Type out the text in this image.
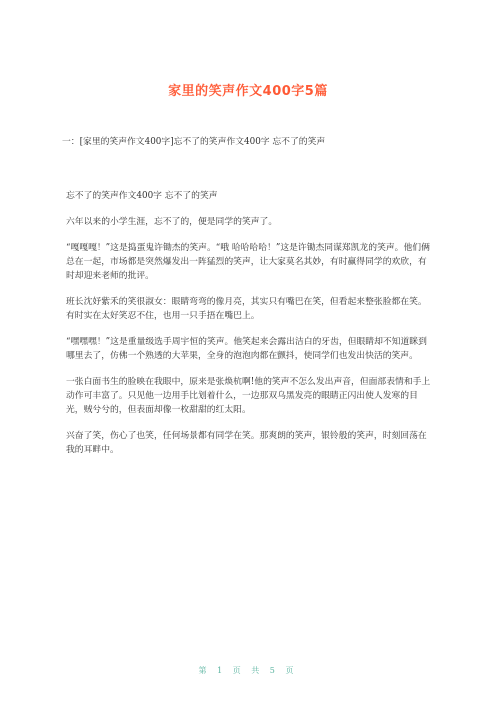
家里的笑声作文400字5篇
一：[家里的笑声作文400字]忘不了的笑声作文400字 忘不了的笑声
忘不了的笑声作文400字 忘不了的笑声

六年以来的小学生涯，忘不了的，便是同学的笑声了。

“嘎嘎嘎！”这是捣蛋鬼许锄杰的笑声。“哦 哈哈哈哈！”这是许锄杰同谋郑凯龙的笑声。他们俩总在一起，市场都是突然爆发出一阵猛烈的笑声，让大家莫名其妙，有时赢得同学的欢欣，有时却迎来老师的批评。

班长沈妤紫禾的笑很淑女：眼睛弯弯的像月亮，其实只有嘴巴在笑，但看起来整张脸都在笑。有时实在太好笑忍不住，也用一只手捂在嘴巴上。

“嘿嘿嘿！”这是重量级选手周宇恒的笑声。他笑起来会露出洁白的牙齿，但眼睛却不知道眯到哪里去了，仿佛一个熟透的大苹果，全身的泡泡肉都在颤抖，使同学们也发出快活的笑声。

一张白面书生的脸映在我眼中，原来是张焕杭啊!他的笑声不怎么发出声音，但面部表情和手上动作可丰富了。只见他一边用手比划着什么，一边那双乌黑发亮的眼睛正闪出使人发寒的目光，贼兮兮的，但表面却像一枚甜甜的红太阳。

兴奋了笑，伤心了也笑，任何场景都有同学在笑。那爽朗的笑声，银铃般的笑声，时刻回荡在我的耳畔中。

第 1 页 共 5 页
